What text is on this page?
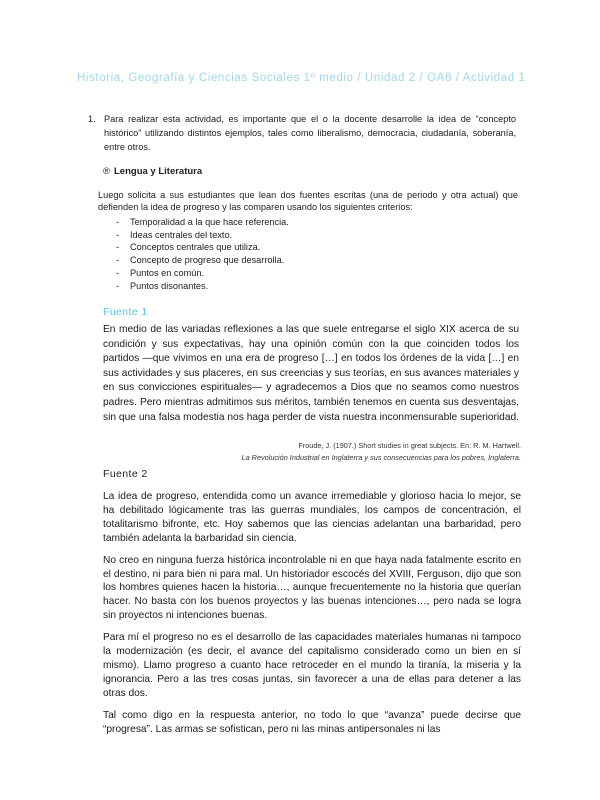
Historia, Geografía y Ciencias Sociales 1º medio / Unidad 2 / OA8 / Actividad 1
1. Para realizar esta actividad, es importante que el o la docente desarrolle la idea de “concepto histórico” utilizando distintos ejemplos, tales como liberalismo, democracia, ciudadanía, soberanía, entre otros.
® Lengua y Literatura
Luego solicita a sus estudiantes que lean dos fuentes escritas (una de periodo y otra actual) que defienden la idea de progreso y las comparen usando los siguientes criterios:
- Temporalidad a la que hace referencia.
- Ideas centrales del texto.
- Conceptos centrales que utiliza.
- Concepto de progreso que desarrolla.
- Puntos en común.
- Puntos disonantes.
Fuente 1
En medio de las variadas reflexiones a las que suele entregarse el siglo XIX acerca de su condición y sus expectativas, hay una opinión común con la que coinciden todos los partidos —que vivimos en una era de progreso […] en todos los órdenes de la vida […] en sus actividades y sus placeres, en sus creencias y sus teorías, en sus avances materiales y en sus convicciones espirituales— y agradecemos a Dios que no seamos como nuestros padres. Pero mientras admitimos sus méritos, también tenemos en cuenta sus desventajas, sin que una falsa modestia nos haga perder de vista nuestra inconmensurable superioridad.
Froude, J. (1907.) Short studies in great subjects. En: R. M. Hartwell.
La Revolución Industrial en Inglaterra y sus consecuencias para los pobres, Inglaterra.
Fuente 2

La idea de progreso, entendida como un avance irremediable y glorioso hacia lo mejor, se ha debilitado lógicamente tras las guerras mundiales, los campos de concentración, el totalitarismo bifronte, etc. Hoy sabemos que las ciencias adelantan una barbaridad, pero también adelanta la barbaridad sin ciencia.

No creo en ninguna fuerza histórica incontrolable ni en que haya nada fatalmente escrito en el destino, ni para bien ni para mal. Un historiador escocés del XVIII, Ferguson, dijo que son los hombres quienes hacen la historia…, aunque frecuentemente no la historia que querían hacer. No basta con los buenos proyectos y las buenas intenciones…, pero nada se logra sin proyectos ni intenciones buenas.

Para mí el progreso no es el desarrollo de las capacidades materiales humanas ni tampoco la modernización (es decir, el avance del capitalismo considerado como un bien en sí mismo). Llamo progreso a cuanto hace retroceder en el mundo la tiranía, la miseria y la ignorancia. Pero a las tres cosas juntas, sin favorecer a una de ellas para detener a las otras dos.

Tal como digo en la respuesta anterior, no todo lo que “avanza” puede decirse que “progresa”. Las armas se sofistican, pero ni las minas antipersonales ni las
